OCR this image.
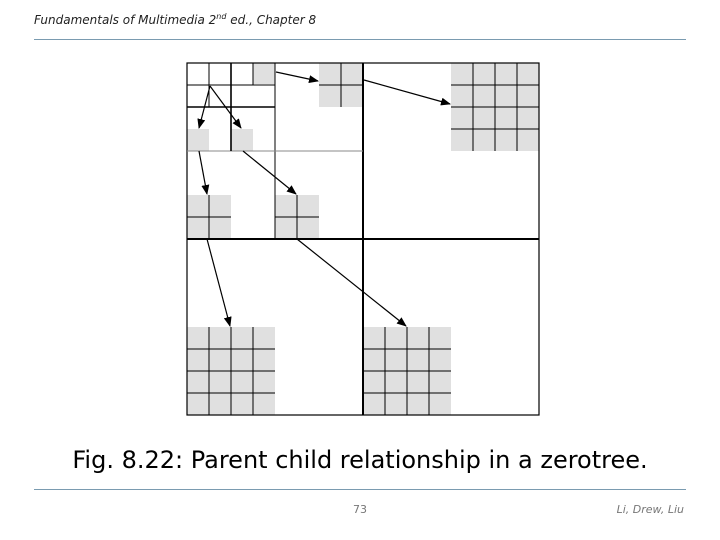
Fundamentals of Multimedia 2nd ed., Chapter 8
Fig. 8.22: Parent child relationship in a zerotree.
73	Li, Drew, Liu
